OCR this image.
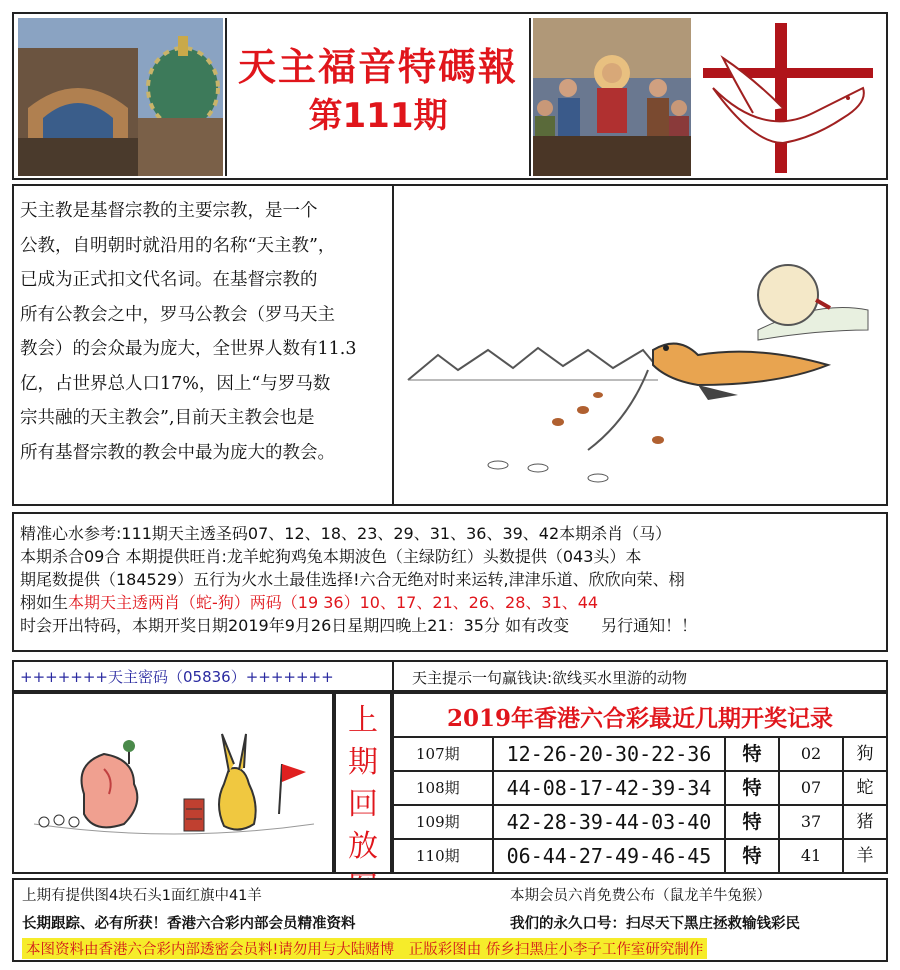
天主福音特碼報
第111期
天主教是基督宗教的主要宗教，是一个
公教，自明朝时就沿用的名称“天主教”，
已成为正式扣文代名词。在基督宗教的
所有公教会之中，罗马公教会（罗马天主
教会）的会众最为庞大，全世界人数有11.3
亿，占世界总人口17%，因上“与罗马数
宗共融的天主教会”,目前天主教会也是
所有基督宗教的教会中最为庞大的教会。
精准心水参考:111期天主透圣码07、12、18、23、29、31、36、39、42本期杀肖（马）
本期杀合09合 本期提供旺肖:龙羊蛇狗鸡兔本期波色（主绿防红）头数提供（043头）本
期尾数提供（184529）五行为火水土最佳选择!六合无绝对时来运转,津津乐道、欣欣向荣、栩
栩如生本期天主透两肖（蛇-狗）两码（19 36）10、17、21、26、28、31、44
时会开出特码，本期开奖日期2019年9月26日星期四晚上21：35分 如有改变　　另行通知！！
+++++++天主密码（05836）+++++++	天主提示一句赢钱诀:欲线买水里游的动物
上
期
回
放
2019年香港六合彩最近几期开奖记录
107期	12-26-20-30-22-36	特	02	狗
108期	44-08-17-42-39-34	特	07	蛇
109期	42-28-39-44-03-40	特	37	猪
110期	06-44-27-49-46-45	特	41	羊
上期有提供图4块石头1面红旗中41羊	本期会员六肖免费公布（鼠龙羊牛兔猴）
长期跟踪、必有所获！香港六合彩内部会员精准资料	我们的永久口号：扫尽天下黑庄拯救输钱彩民
本图资料由香港六合彩内部透密会员料!请勿用与大陆赌博　正版彩图由 侨乡扫黑庄小李子工作室研究制作
